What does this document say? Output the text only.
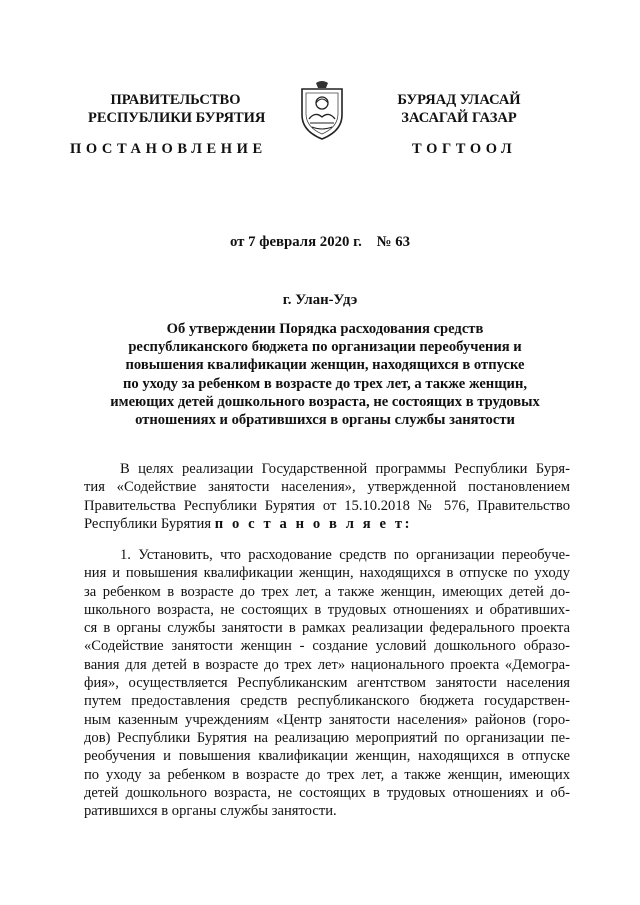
ПРАВИТЕЛЬСТВО
РЕСПУБЛИКИ БУРЯТИЯ
БУРЯАД УЛАСАЙ
ЗАСАГАЙ ГАЗАР
ПОСТАНОВЛЕНИЕ	ТОГТООЛ
от 7 февраля 2020 г. № 63
г. Улан-Удэ
Об утверждении Порядка расходования средств
республиканского бюджета по организации переобучения и
повышения квалификации женщин, находящихся в отпуске
по уходу за ребенком в возрасте до трех лет, а также женщин,
имеющих детей дошкольного возраста, не состоящих в трудовых
отношениях и обратившихся в органы службы занятости
В целях реализации Государственной программы Республики Буря-
тия «Содействие занятости населения», утвержденной постановлением
Правительства Республики Бурятия от 15.10.2018 № 576, Правительство
Республики Бурятия п о с т а н о в л я е т:
1. Установить, что расходование средств по организации переобуче-
ния и повышения квалификации женщин, находящихся в отпуске по уходу
за ребенком в возрасте до трех лет, а также женщин, имеющих детей до-
школьного возраста, не состоящих в трудовых отношениях и обративших-
ся в органы службы занятости в рамках реализации федерального проекта
«Содействие занятости женщин - создание условий дошкольного образо-
вания для детей в возрасте до трех лет» национального проекта «Демогра-
фия», осуществляется Республиканским агентством занятости населения
путем предоставления средств республиканского бюджета государствен-
ным казенным учреждениям «Центр занятости населения» районов (горо-
дов) Республики Бурятия на реализацию мероприятий по организации пе-
реобучения и повышения квалификации женщин, находящихся в отпуске
по уходу за ребенком в возрасте до трех лет, а также женщин, имеющих
детей дошкольного возраста, не состоящих в трудовых отношениях и об-
ратившихся в органы службы занятости.
